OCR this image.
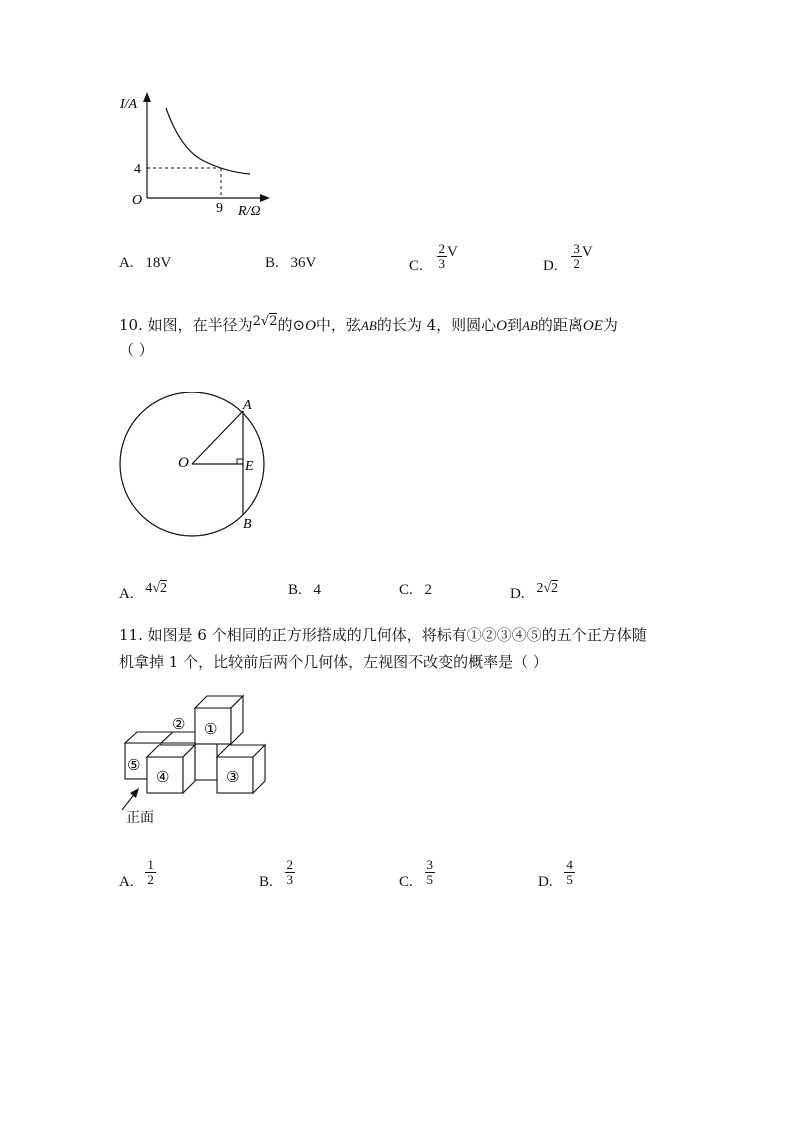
I/A
R/Ω
O
4
9
A. 18V	B. 36V	C. $\frac{2}{3}$ V
D. $\frac{3}{2}$ V
10. 如图，在半径为2√2的⊙O中，弦AB的长为 4，则圆心O到AB的距离OE为
（ ）
O
A
E
B
A. 4√2	B. 4	C. 2	D. 2√2
11. 如图是 6 个相同的正方形搭成的几何体，将标有①②③④⑤的五个正方体随
机拿掉 1 个，比较前后两个几何体，左视图不改变的概率是（ ）
①
②
③
④
⑤
正面
A. $\frac{1}{2}$	B. $\frac{2}{3}$	C. $\frac{3}{5}$	D. $\frac{4}{5}$
